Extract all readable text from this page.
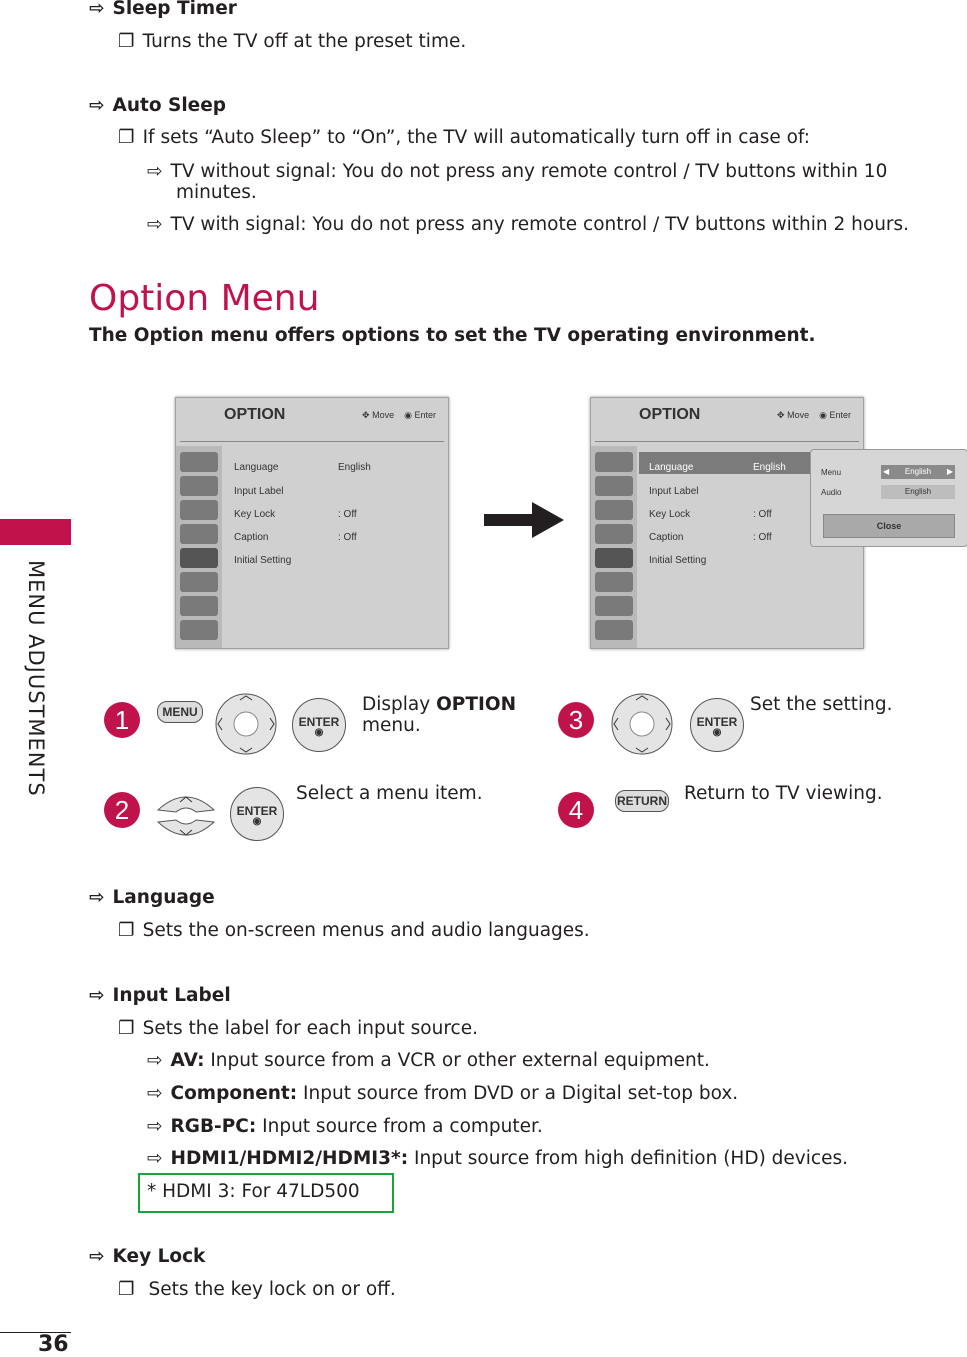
MENU ADJUSTMENTS
36
⇨ Sleep Timer
❐ Turns the TV off at the preset time.
⇨ Auto Sleep
❐ If sets “Auto Sleep” to “On”, the TV will automatically turn off in case of:
⇨ TV without signal: You do not press any remote control / TV buttons within 10
minutes.
⇨ TV with signal: You do not press any remote control / TV buttons within 2 hours.
Option Menu
The Option menu offers options to set the TV operating environment.
OPTION	✥ Move ◉ Enter
Language	English
Input Label
Key Lock	: Off
Caption	: Off
Initial Setting
OPTION	✥ Move ◉ Enter
Language	English
Input Label
Key Lock	: Off
Caption	: Off
Initial Setting
Menu	◀ English ▶
Audio	English
Close
1	MENU
ENTER
◉
Display OPTION
menu.	3	ENTER
◉
Set the setting.
2	ENTER
◉
Select a menu item.
4	RETURN Return to TV viewing.
⇨ Language
❐ Sets the on-screen menus and audio languages.
⇨ Input Label
❐ Sets the label for each input source.
⇨ AV: Input source from a VCR or other external equipment.
⇨ Component: Input source from DVD or a Digital set-top box.
⇨ RGB-PC: Input source from a computer.
⇨ HDMI1/HDMI2/HDMI3*: Input source from high definition (HD) devices.
* HDMI 3: For 47LD500
⇨ Key Lock
❐ Sets the key lock on or off.
